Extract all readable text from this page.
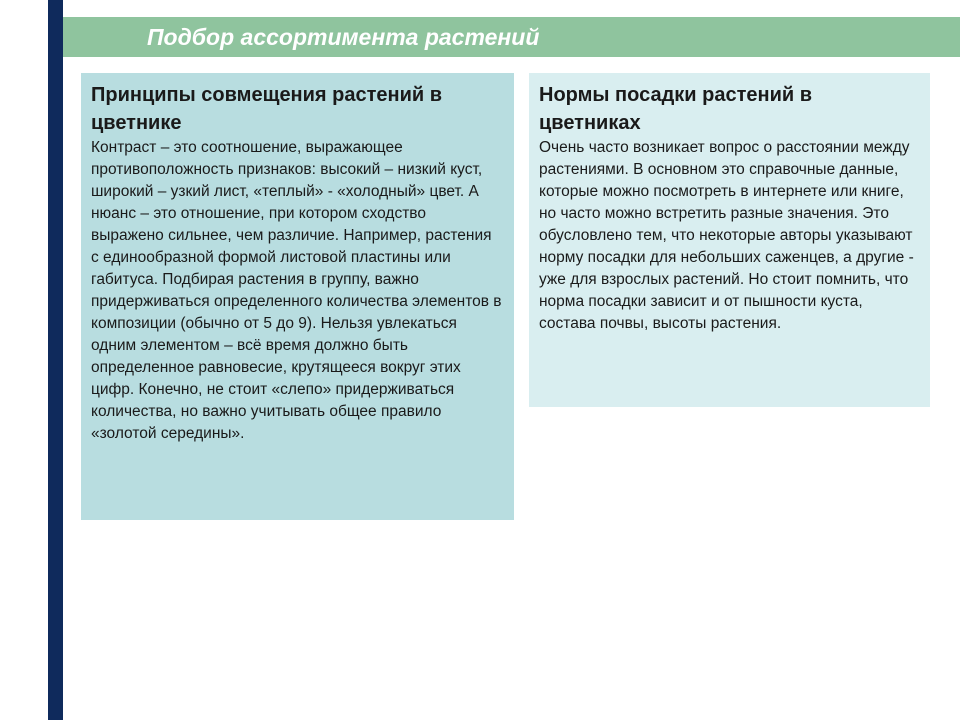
Подбор ассортимента растений
Принципы совмещения растений в цветнике

Контраст – это соотношение, выражающее противоположность признаков: высокий – низкий куст, широкий – узкий лист, «теплый» - «холодный» цвет. А нюанс – это отношение, при котором сходство выражено сильнее, чем различие. Например, растения с единообразной формой листовой пластины или габитуса. Подбирая растения в группу, важно придерживаться определенного количества элементов в композиции (обычно от 5 до 9). Нельзя увлекаться одним элементом – всё время должно быть определенное равновесие, крутящееся вокруг этих цифр. Конечно, не стоит «слепо» придерживаться количества, но важно учитывать общее правило «золотой середины».

Нормы посадки растений в цветниках

Очень часто возникает вопрос о расстоянии между растениями. В основном это справочные данные, которые можно посмотреть в интернете или книге, но часто можно встретить разные значения. Это обусловлено тем, что некоторые авторы указывают норму посадки для небольших саженцев, а другие - уже для взрослых растений. Но стоит помнить, что норма посадки зависит и от пышности куста, состава почвы, высоты растения.
